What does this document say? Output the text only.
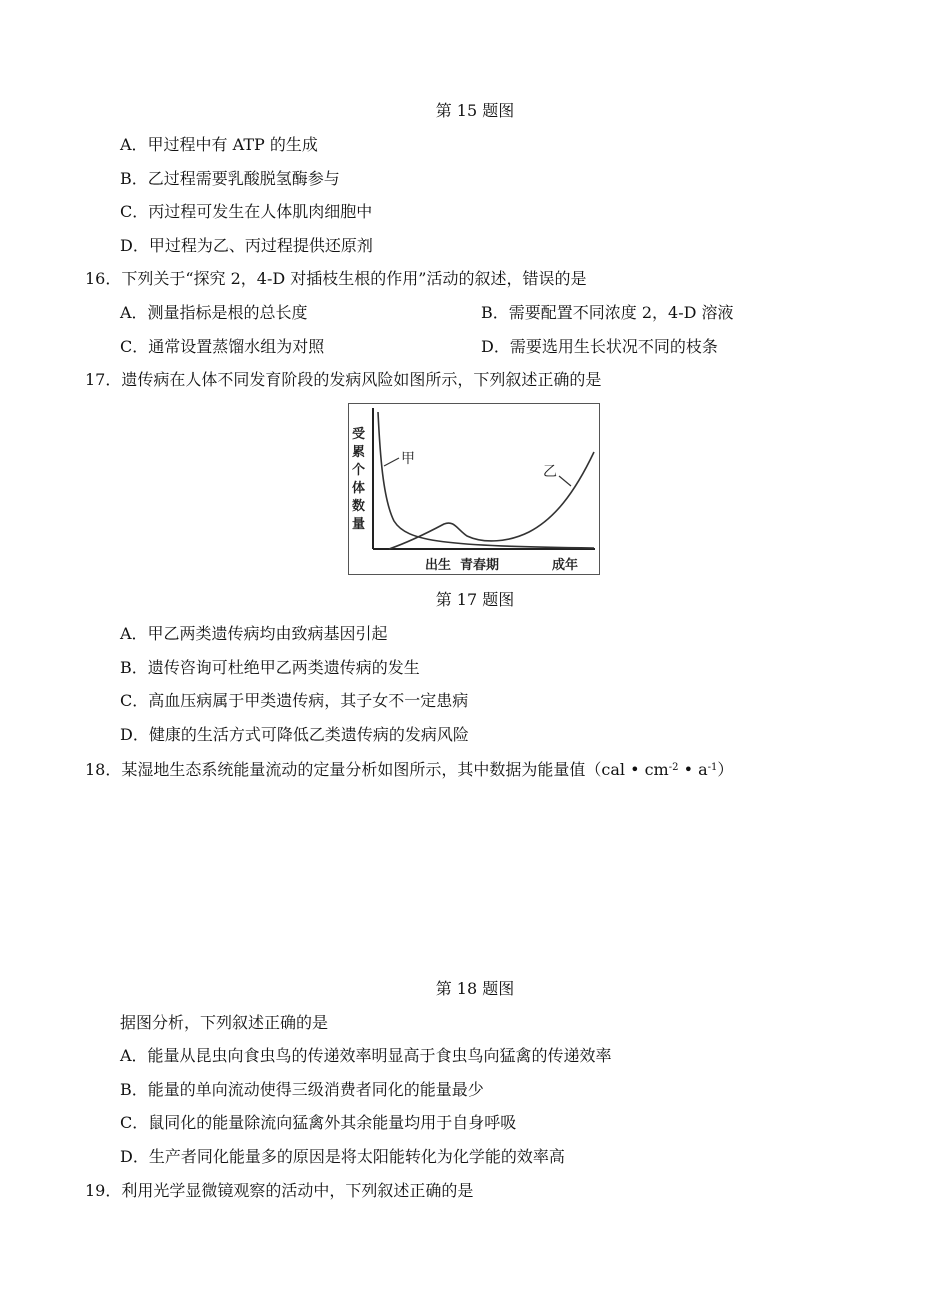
第 15 题图
A．甲过程中有 ATP 的生成
B．乙过程需要乳酸脱氢酶参与
C．丙过程可发生在人体肌肉细胞中
D．甲过程为乙、丙过程提供还原剂
16．下列关于“探究 2，4-D 对插枝生根的作用”活动的叙述，错误的是
A．测量指标是根的总长度	B．需要配置不同浓度 2，4-D 溶液
C．通常设置蒸馏水组为对照	D．需要选用生长状况不同的枝条
17．遗传病在人体不同发育阶段的发病风险如图所示，下列叙述正确的是
受
累
个
体
数
量
甲
乙
出生 青春期	成年
第 17 题图
A．甲乙两类遗传病均由致病基因引起
B．遗传咨询可杜绝甲乙两类遗传病的发生
C．高血压病属于甲类遗传病，其子女不一定患病
D．健康的生活方式可降低乙类遗传病的发病风险
18．某湿地生态系统能量流动的定量分析如图所示，其中数据为能量值（cal • $cm^{-2}$ • $a^{-1}$）
第 18 题图
据图分析，下列叙述正确的是
A．能量从昆虫向食虫鸟的传递效率明显高于食虫鸟向猛禽的传递效率
B．能量的单向流动使得三级消费者同化的能量最少
C．鼠同化的能量除流向猛禽外其余能量均用于自身呼吸
D．生产者同化能量多的原因是将太阳能转化为化学能的效率高
19．利用光学显微镜观察的活动中，下列叙述正确的是
